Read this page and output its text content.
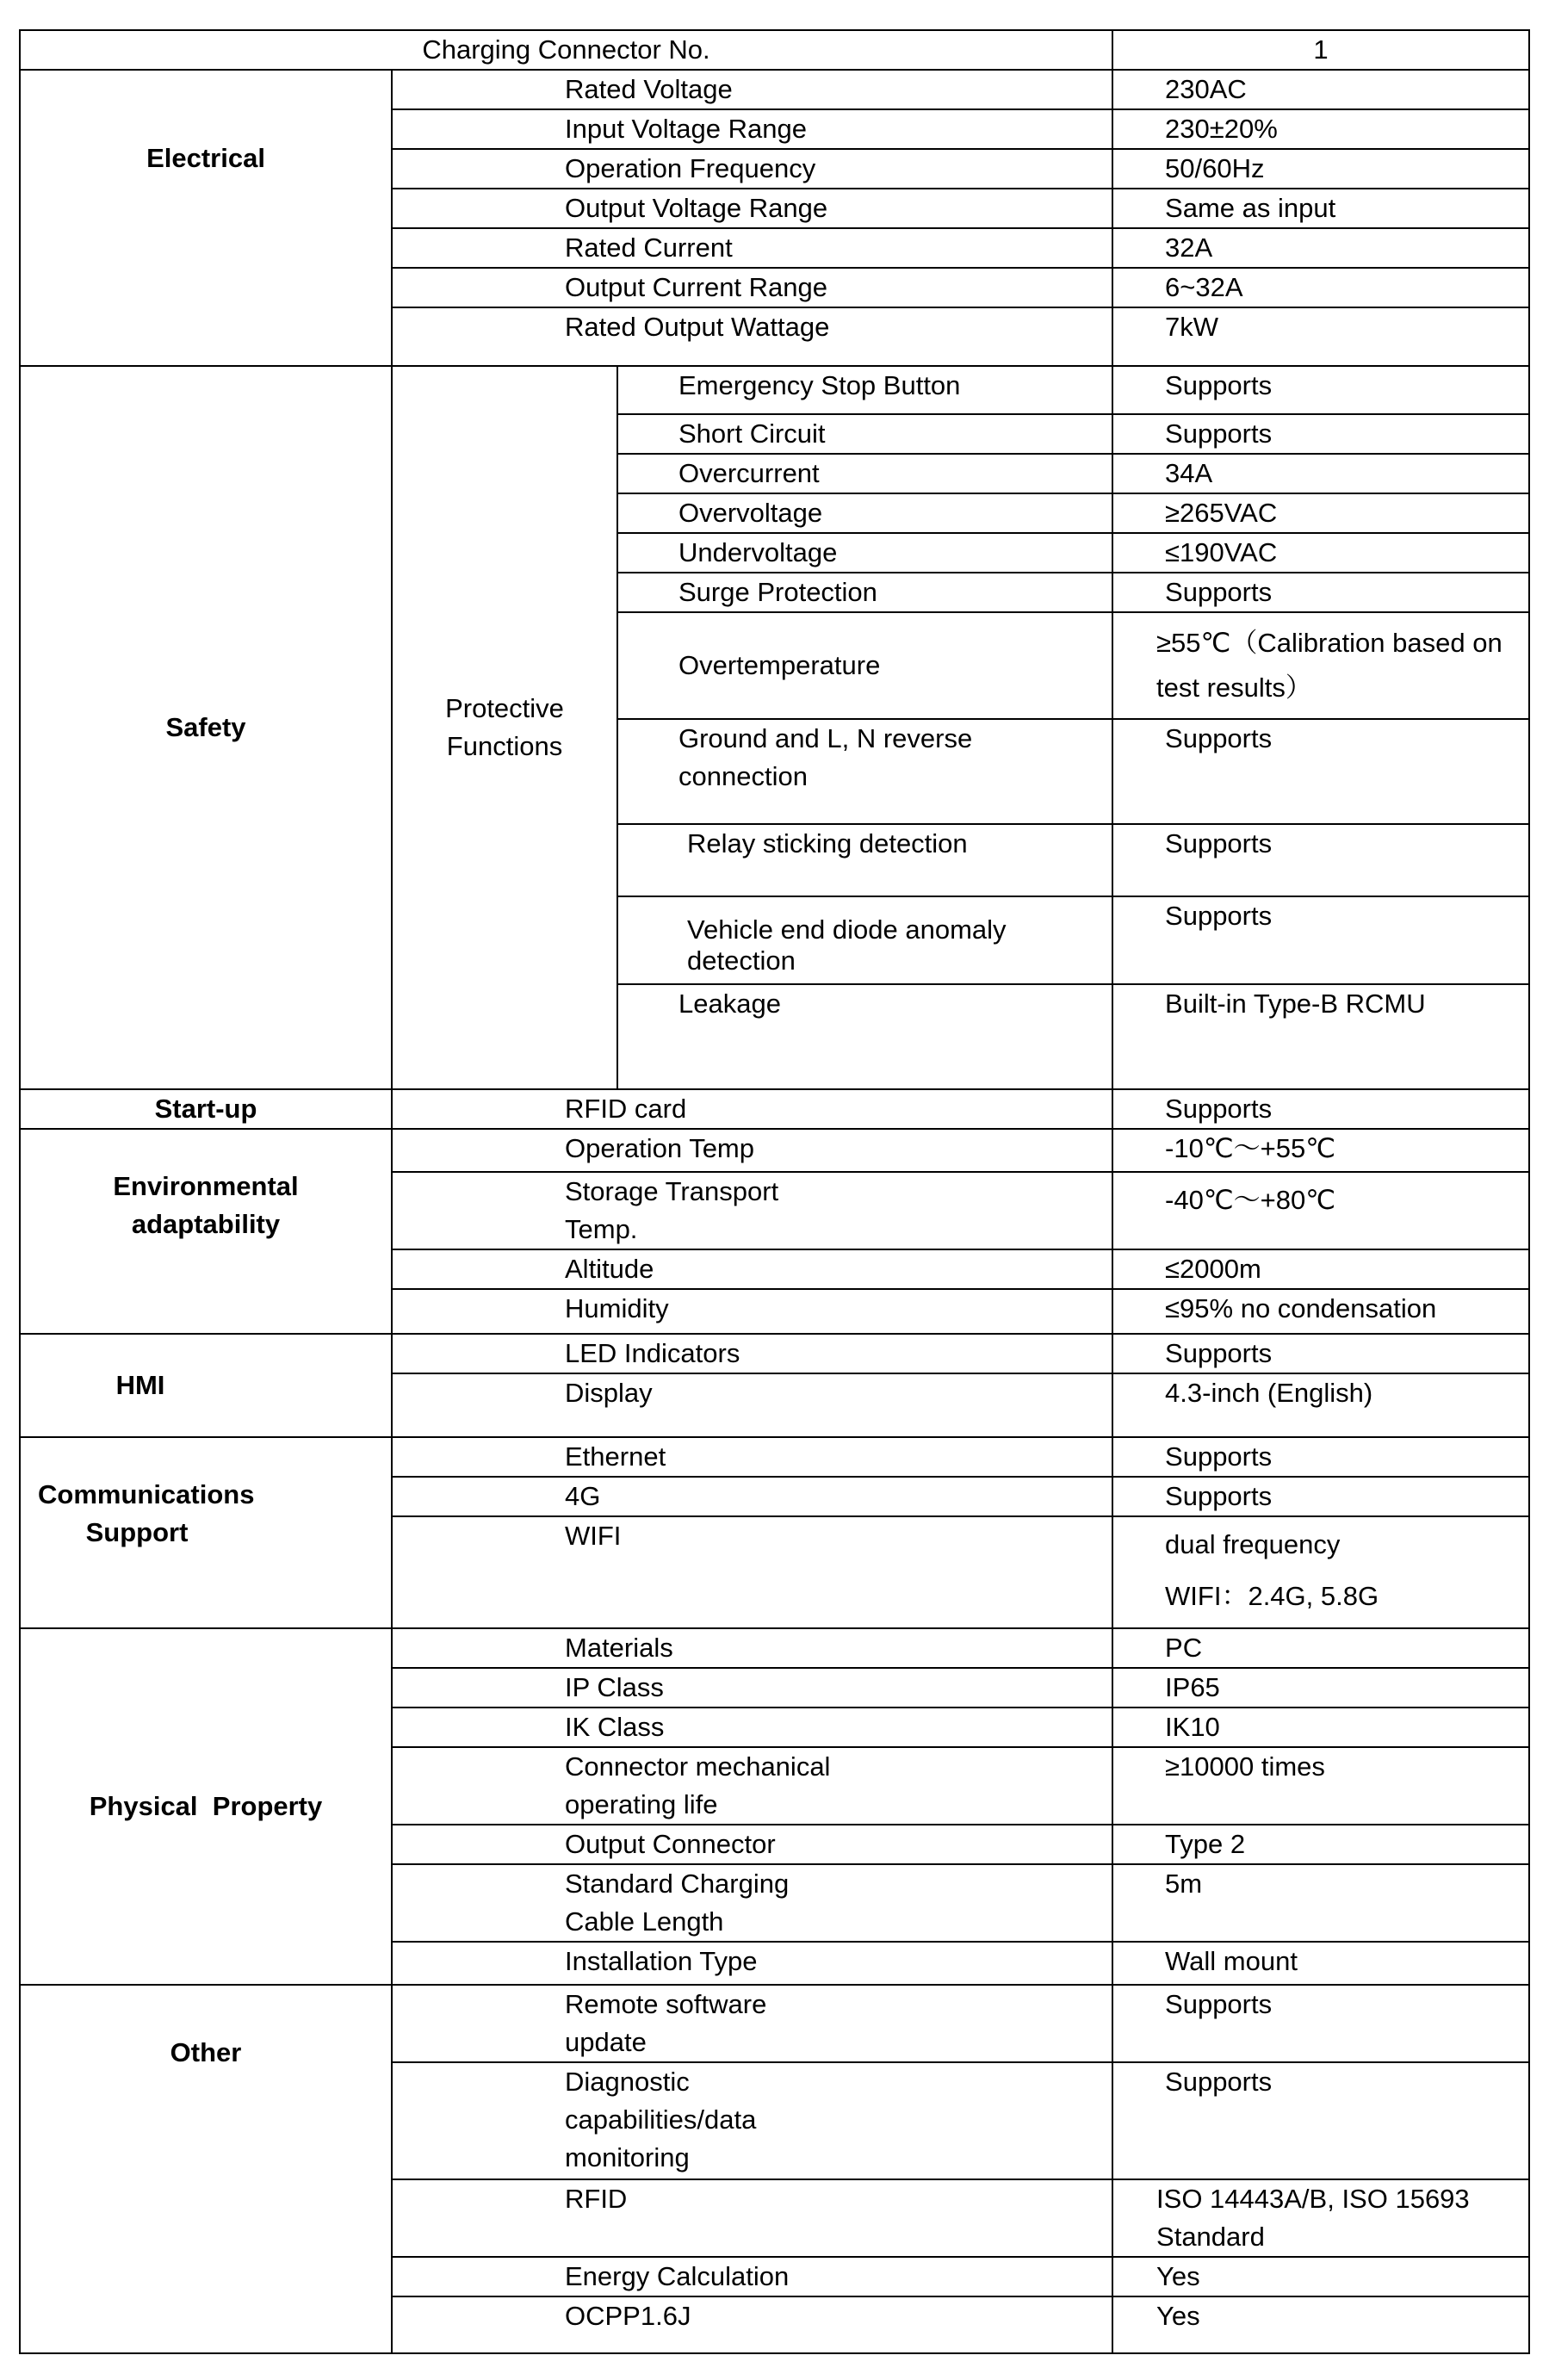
Charging Connector No.			1
Electrical	Rated Voltage		230AC
	Input Voltage Range		230±20%
	Operation Frequency		50/60Hz
	Output Voltage Range		Same as input
	Rated Current		32A
	Output Current Range		6~32A
	Rated Output Wattage		7kW
Safety	Protective Functions	Emergency Stop Button	Supports
		Short Circuit	Supports
		Overcurrent	34A
		Overvoltage	≥265VAC
		Undervoltage	≤190VAC
		Surge Protection	Supports
		Overtemperature	≥55℃（Calibration based on test results）
		Ground and L, N reverse connection	Supports
		Relay sticking detection	Supports
		Vehicle end diode anomaly detection	Supports
		Leakage	Built-in Type-B RCMU
Start-up	RFID card		Supports
Environmental adaptability	Operation Temp		-10℃～+55℃
	Storage Transport Temp.		-40℃～+80℃
	Altitude		≤2000m
	Humidity		≤95% no condensation
HMI	LED Indicators		Supports
	Display		4.3-inch (English)
Communications Support	Ethernet		Supports
	4G		Supports
	WIFI		dual frequency
WIFI：2.4G, 5.8G

Physical  Property	Materials		PC
	IP Class		IP65
	IK Class		IK10
	Connector mechanical operating life		≥10000 times
	Output Connector		Type 2
	Standard Charging Cable Length		5m
	Installation Type		Wall mount
Other	Remote software update		Supports
	Diagnostic capabilities/data monitoring		Supports
	RFID		ISO 14443A/B, ISO 15693 Standard
	Energy Calculation		Yes
	OCPP1.6J		Yes
